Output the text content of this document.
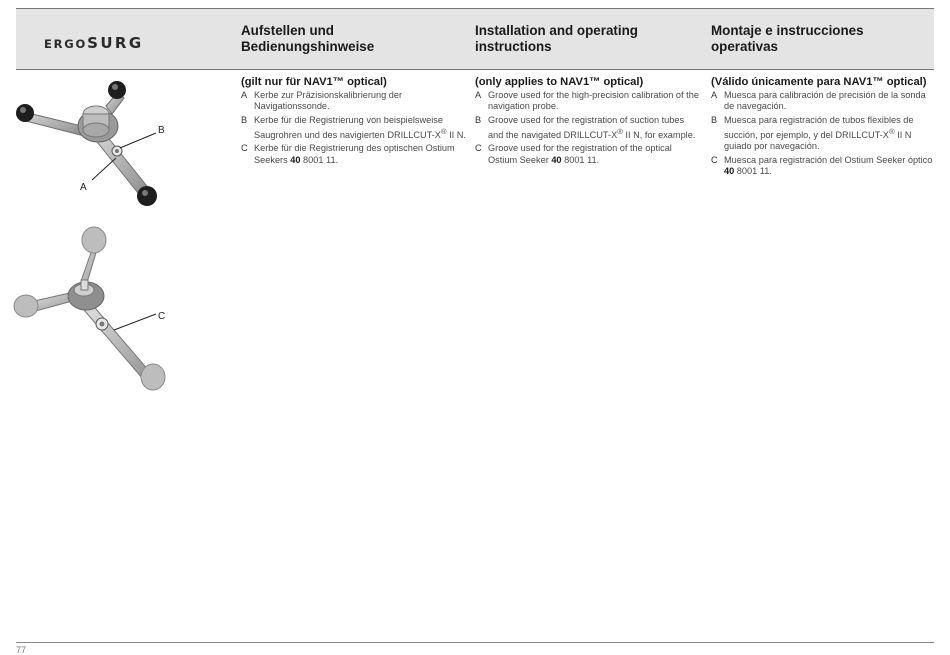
ERGOSURG
Aufstellen und
Bedienungshinweise
Installation and operating
instructions
Montaje e instrucciones
operativas

(gilt nur für NAV1™ optical)

A Kerbe zur Präzisionskalibrierung der Navigationssonde.
B Kerbe für die Registrierung von beispielsweise Saugrohren und des navigierten DRILLCUT-X® II N.
C Kerbe für die Registrierung des optischen Ostium Seekers 40 8001 11.

(only applies to NAV1™ optical)

A Groove used for the high-precision calibration of the navigation probe.
B Groove used for the registration of suction tubes and the navigated DRILLCUT-X® II N, for example.
C Groove used for the registration of the optical Ostium Seeker 40 8001 11.

(Válido únicamente para NAV1™ optical)

A Muesca para calibración de precisión de la sonda de navegación.
B Muesca para registración de tubos flexibles de succión, por ejemplo, y del DRILLCUT-X® II N guiado por navegación.
C Muesca para registración del Ostium Seeker óptico 40 8001 11.
B
A
C
77
